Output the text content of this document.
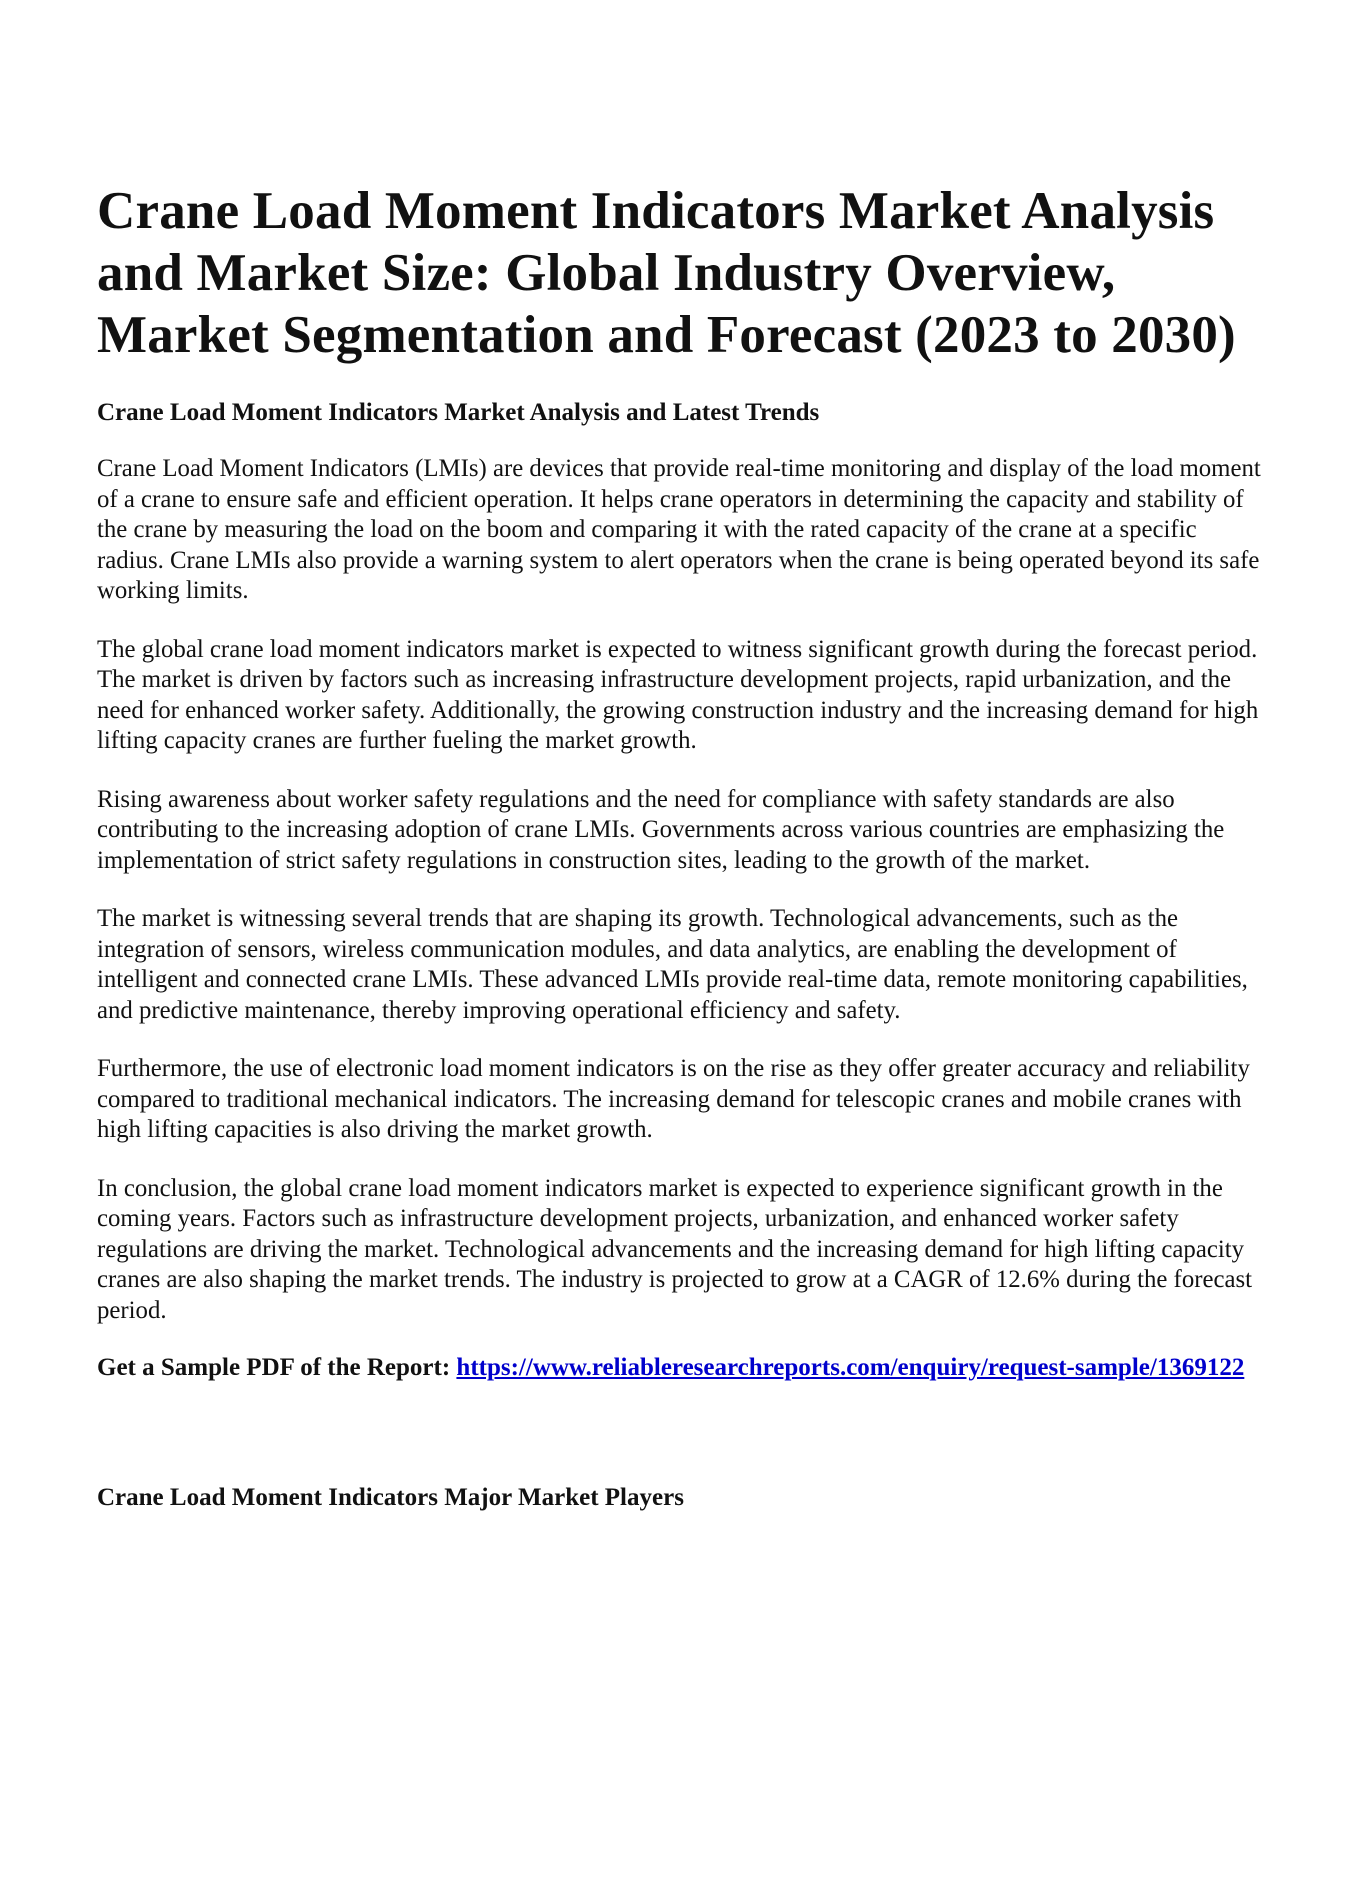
Crane Load Moment Indicators Market Analysis and Market Size: Global Industry Overview, Market Segmentation and Forecast (2023 to 2030)
Crane Load Moment Indicators Market Analysis and Latest Trends

Crane Load Moment Indicators (LMIs) are devices that provide real-time monitoring and display of the load moment of a crane to ensure safe and efficient operation. It helps crane operators in determining the capacity and stability of the crane by measuring the load on the boom and comparing it with the rated capacity of the crane at a specific radius. Crane LMIs also provide a warning system to alert operators when the crane is being operated beyond its safe working limits.

The global crane load moment indicators market is expected to witness significant growth during the forecast period. The market is driven by factors such as increasing infrastructure development projects, rapid urbanization, and the need for enhanced worker safety. Additionally, the growing construction industry and the increasing demand for high lifting capacity cranes are further fueling the market growth.

Rising awareness about worker safety regulations and the need for compliance with safety standards are also contributing to the increasing adoption of crane LMIs. Governments across various countries are emphasizing the implementation of strict safety regulations in construction sites, leading to the growth of the market.

The market is witnessing several trends that are shaping its growth. Technological advancements, such as the integration of sensors, wireless communication modules, and data analytics, are enabling the development of intelligent and connected crane LMIs. These advanced LMIs provide real-time data, remote monitoring capabilities, and predictive maintenance, thereby improving operational efficiency and safety.

Furthermore, the use of electronic load moment indicators is on the rise as they offer greater accuracy and reliability compared to traditional mechanical indicators. The increasing demand for telescopic cranes and mobile cranes with high lifting capacities is also driving the market growth.

In conclusion, the global crane load moment indicators market is expected to experience significant growth in the coming years. Factors such as infrastructure development projects, urbanization, and enhanced worker safety regulations are driving the market. Technological advancements and the increasing demand for high lifting capacity cranes are also shaping the market trends. The industry is projected to grow at a CAGR of 12.6% during the forecast period.

Get a Sample PDF of the Report: https://www.reliableresearchreports.com/enquiry/request-sample/1369122
Crane Load Moment Indicators Major Market Players
